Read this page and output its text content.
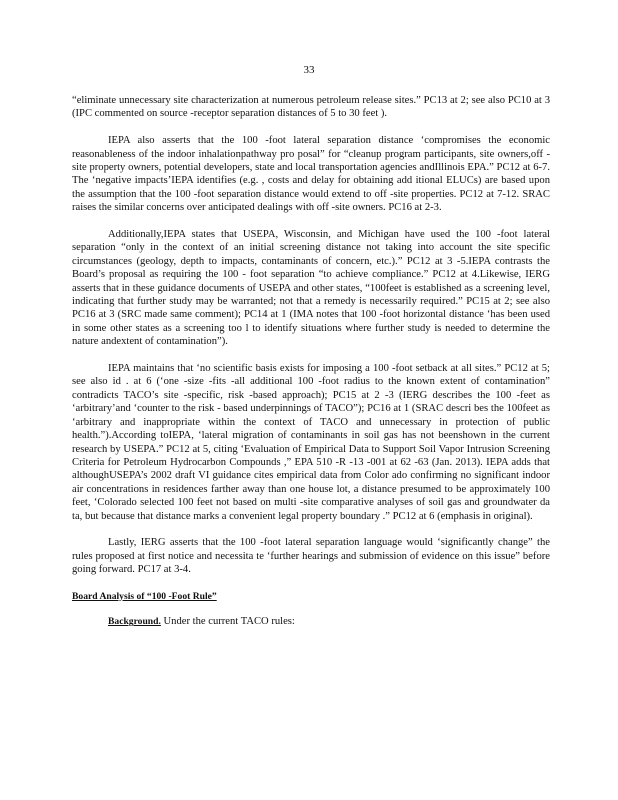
33

“eliminate unnecessary site characterization at numerous petroleum release sites.” PC13 at 2; see also PC10 at 3 (IPC commented on source -receptor separation distances of 5 to 30 feet ).

IEPA also asserts that the 100 -foot lateral separation distance ‘compromises the economic reasonableness of the indoor inhalationpathway pro posal” for “cleanup program participants, site owners,off - site property owners, potential developers, state and local transportation agencies andIllinois EPA.” PC12 at 6-7. The ‘negative impacts’IEPA identifies (e.g. , costs and delay for obtaining add itional ELUCs) are based upon the assumption that the 100 -foot separation distance would extend to off -site properties. PC12 at 7-12. SRAC raises the similar concerns over anticipated dealings with off -site owners. PC16 at 2-3.

Additionally,IEPA states that USEPA, Wisconsin, and Michigan have used the 100 -foot lateral separation “only in the context of an initial screening distance not taking into account the site specific circumstances (geology, depth to impacts, contaminants of concern, etc.).” PC12 at 3 -5.IEPA contrasts the Board’s proposal as requiring the 100 - foot separation “to achieve compliance.” PC12 at 4.Likewise, IERG asserts that in these guidance documents of USEPA and other states, “100feet is established as a screening level, indicating that further study may be warranted; not that a remedy is necessarily required.” PC15 at 2; see also PC16 at 3 (SRC made same comment); PC14 at 1 (IMA notes that 100 -foot horizontal distance ‘has been used in some other states as a screening too l to identify situations where further study is needed to determine the nature andextent of contamination”).

IEPA maintains that ‘no scientific basis exists for imposing a 100 -foot setback at all sites.” PC12 at 5; see also id . at 6 (‘one -size -fits -all additional 100 -foot radius to the known extent of contamination” contradicts TACO’s site -specific, risk -based approach); PC15 at 2 -3 (IERG describes the 100 -feet as ‘arbitrary’and ‘counter to the risk - based underpinnings of TACO”); PC16 at 1 (SRAC descri bes the 100feet as ‘arbitrary and inappropriate within the context of TACO and unnecessary in protection of public health.”).According toIEPA, ‘lateral migration of contaminants in soil gas has not beenshown in the current research by USEPA.” PC12 at 5, citing ‘Evaluation of Empirical Data to Support Soil Vapor Intrusion Screening Criteria for Petroleum Hydrocarbon Compounds ,” EPA 510 -R -13 -001 at 62 -63 (Jan. 2013). IEPA adds that althoughUSEPA’s 2002 draft VI guidance cites empirical data from Color ado confirming no significant indoor air concentrations in residences farther away than one house lot, a distance presumed to be approximately 100 feet, ‘Colorado selected 100 feet not based on multi -site comparative analyses of soil gas and groundwater da ta, but because that distance marks a convenient legal property boundary .” PC12 at 6 (emphasis in original).

Lastly, IERG asserts that the 100 -foot lateral separation language would ‘significantly change” the rules proposed at first notice and necessita te ‘further hearings and submission of evidence on this issue” before going forward. PC17 at 3-4.

Board Analysis of “100 -Foot Rule”
Background. Under the current TACO rules:
